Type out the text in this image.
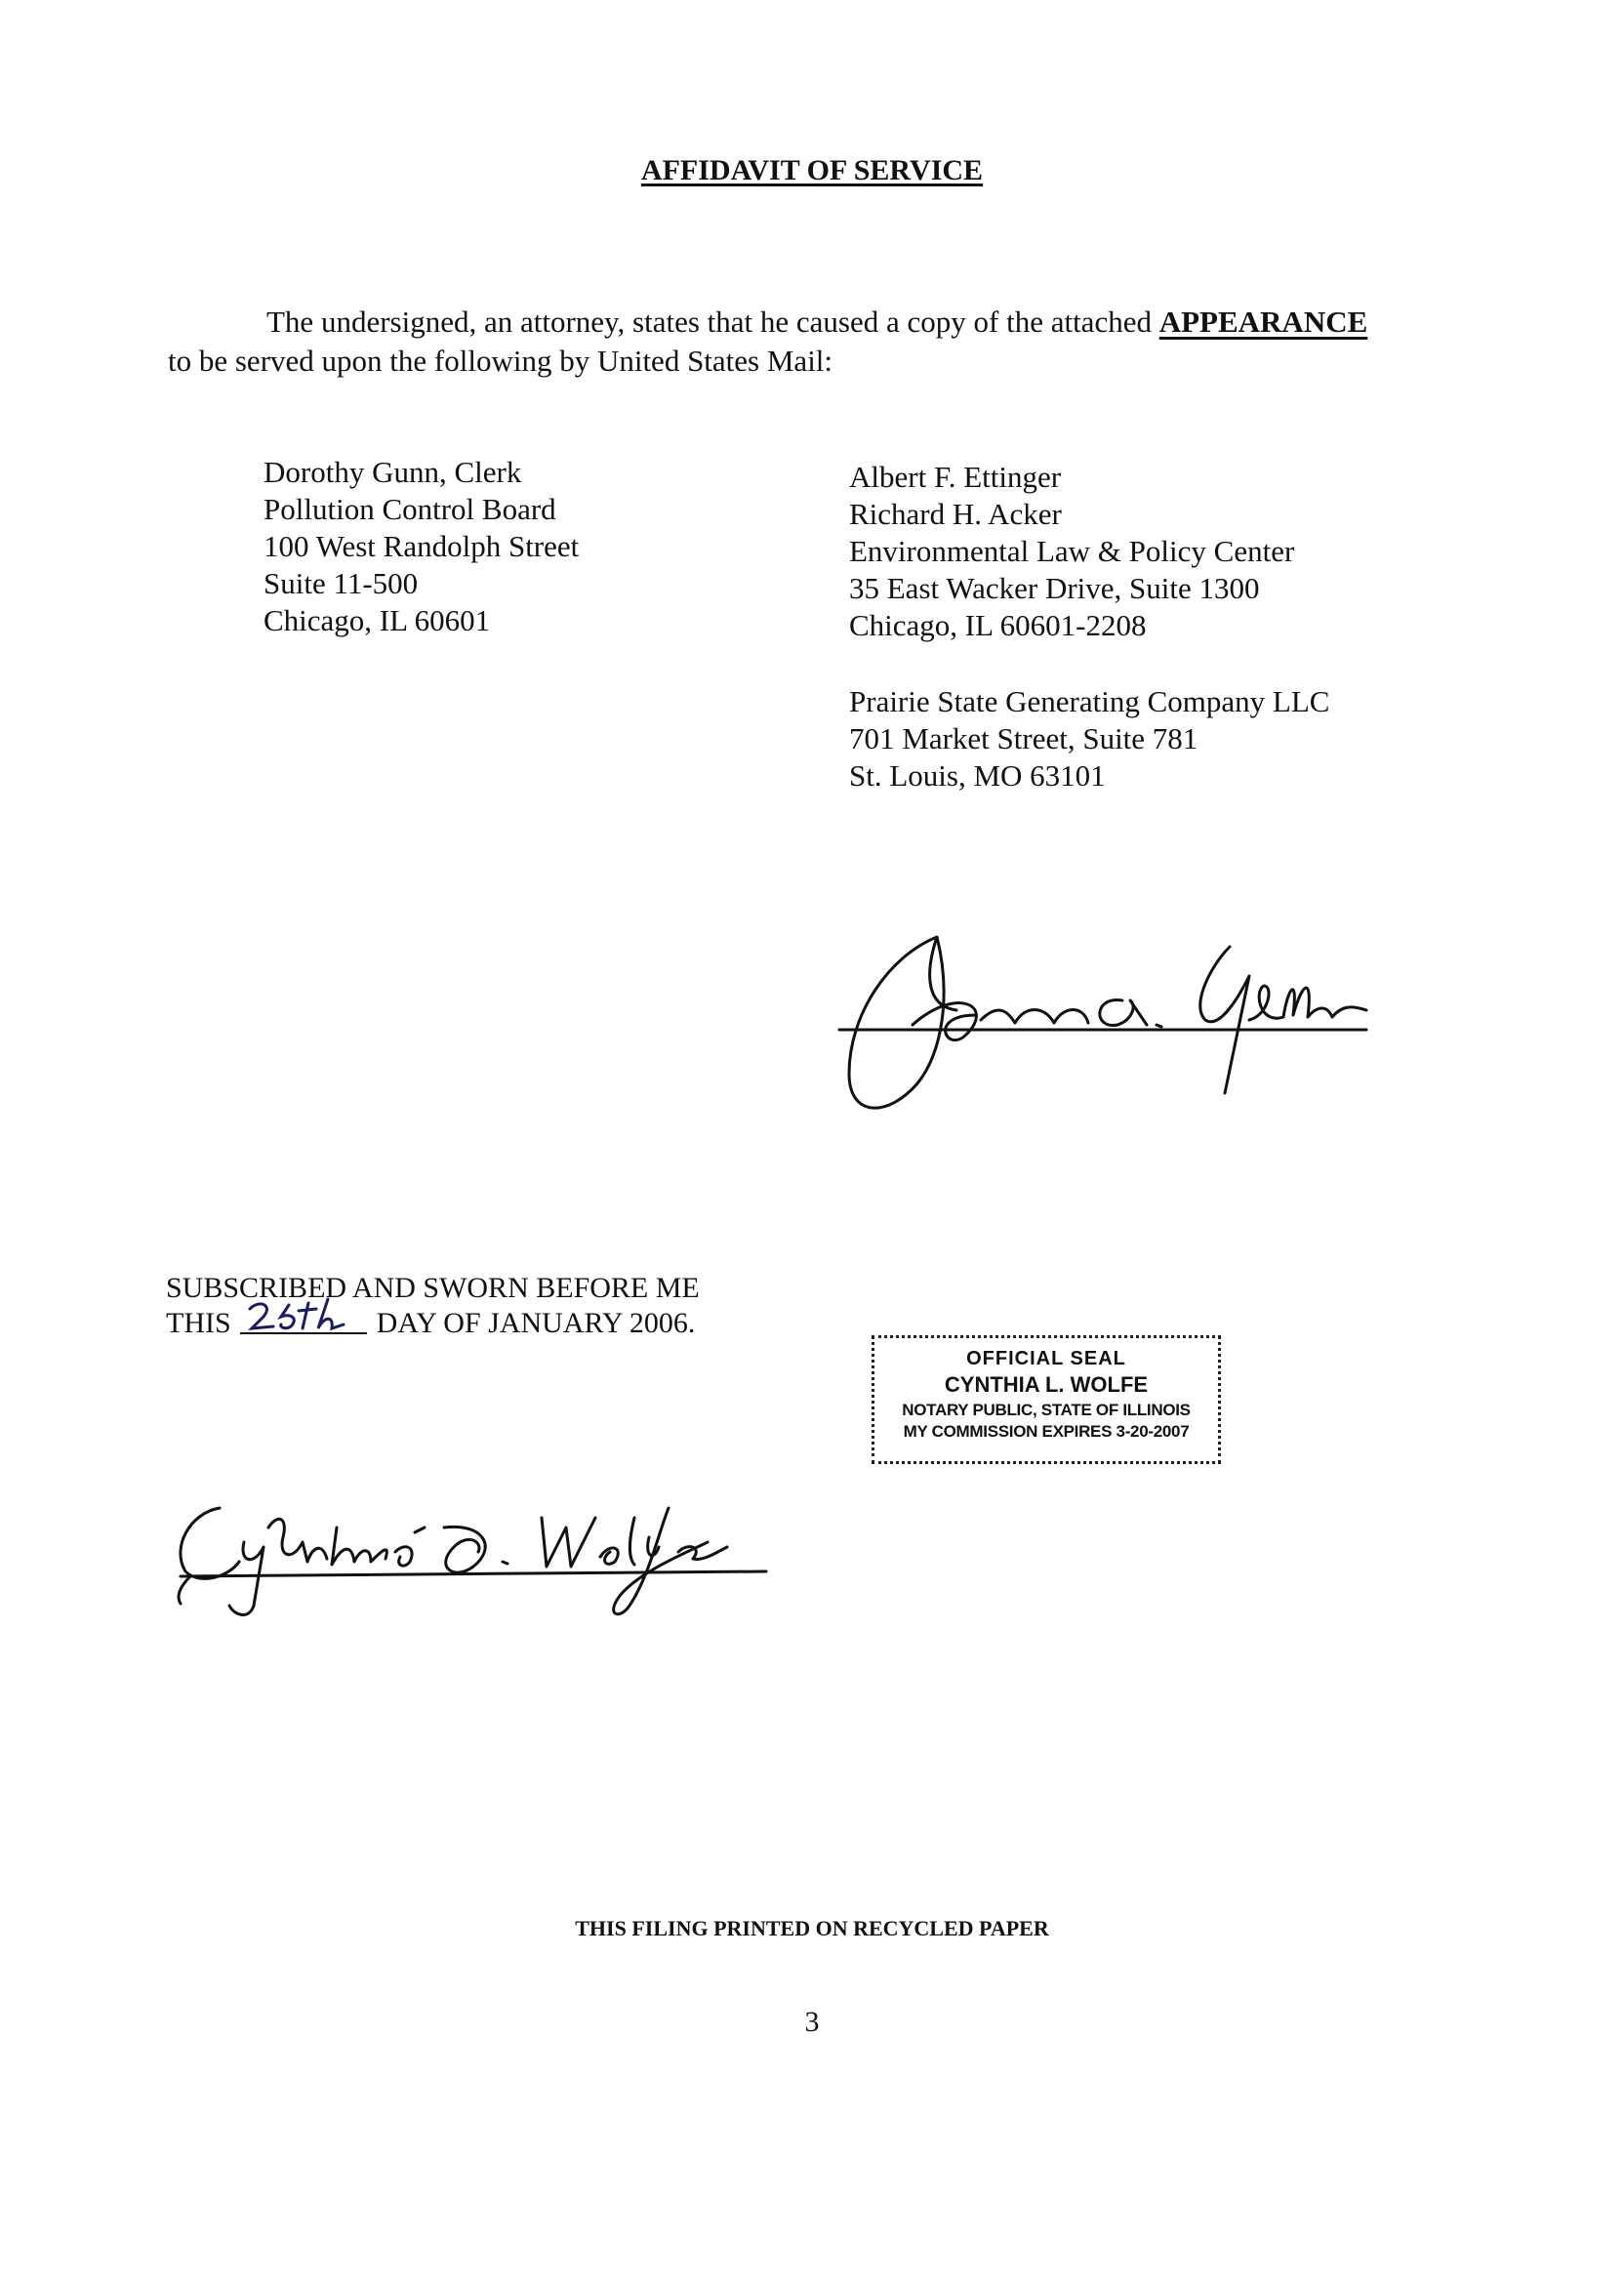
AFFIDAVIT OF SERVICE
The undersigned, an attorney, states that he caused a copy of the attached APPEARANCE
to be served upon the following by United States Mail:
Dorothy Gunn, Clerk
Pollution Control Board
100 West Randolph Street
Suite 11-500
Chicago, IL 60601
Albert F. Ettinger
Richard H. Acker
Environmental Law & Policy Center
35 East Wacker Drive, Suite 1300
Chicago, IL 60601-2208
Prairie State Generating Company LLC
701 Market Street, Suite 781
St. Louis, MO 63101
SUBSCRIBED AND SWORN BEFORE ME
THIS	DAY OF JANUARY 2006.
OFFICIAL SEAL
CYNTHIA L. WOLFE
NOTARY PUBLIC, STATE OF ILLINOIS
MY COMMISSION EXPIRES 3-20-2007
THIS FILING PRINTED ON RECYCLED PAPER
3
